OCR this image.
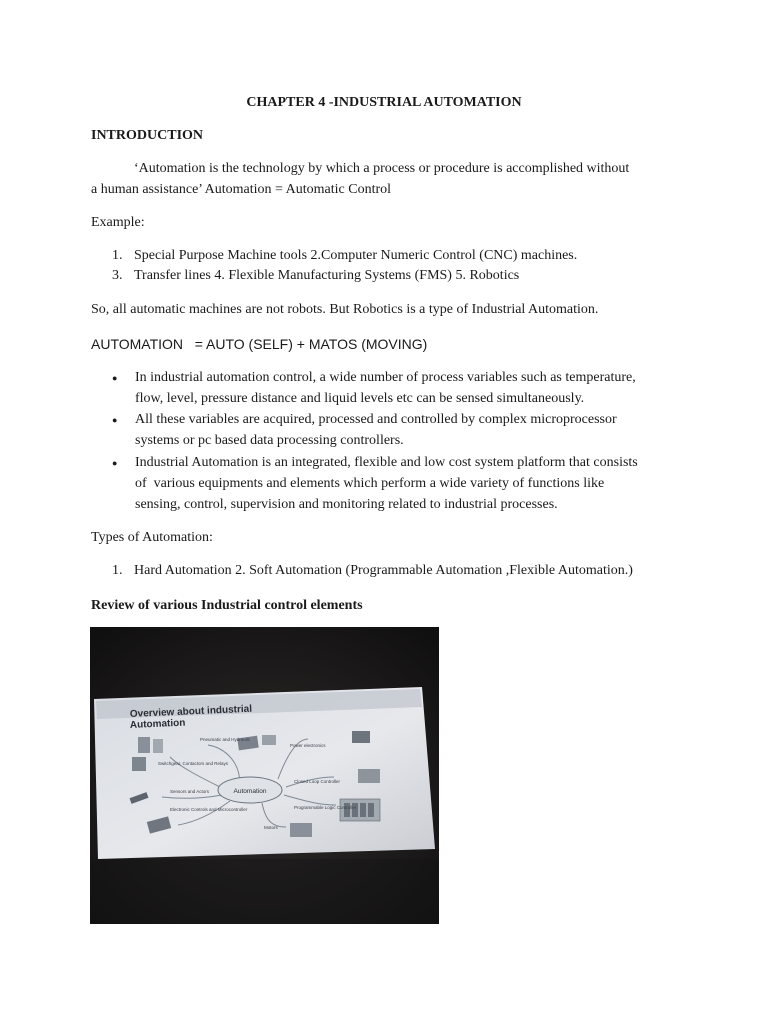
CHAPTER 4 -INDUSTRIAL AUTOMATION
INTRODUCTION
‘Automation is the technology by which a process or procedure is accomplished without
a human assistance’ Automation = Automatic Control
Example:
1. Special Purpose Machine tools 2.Computer Numeric Control (CNC) machines.
3. Transfer lines 4. Flexible Manufacturing Systems (FMS) 5. Robotics
So, all automatic machines are not robots. But Robotics is a type of Industrial Automation.
AUTOMATION   = AUTO (SELF) + MATOS (MOVING)
● In industrial automation control, a wide number of process variables such as temperature,
flow, level, pressure distance and liquid levels etc can be sensed simultaneously.
● All these variables are acquired, processed and controlled by complex microprocessor
systems or pc based data processing controllers.
● Industrial Automation is an integrated, flexible and low cost system platform that consists
of  various equipments and elements which perform a wide variety of functions like
sensing, control, supervision and monitoring related to industrial processes.
Types of Automation:
1. Hard Automation 2. Soft Automation (Programmable Automation ,Flexible Automation.)
Review of various Industrial control elements
Overview about industrial
Automation
Automation
Pneumatic and Hydraulic
Power electronics
Switchgear, Contactors and Relays
Closed Loop Controller
Sensors and Actors
Programmable Logic Controller
Electronic Controls and Microcontroller
Motors
